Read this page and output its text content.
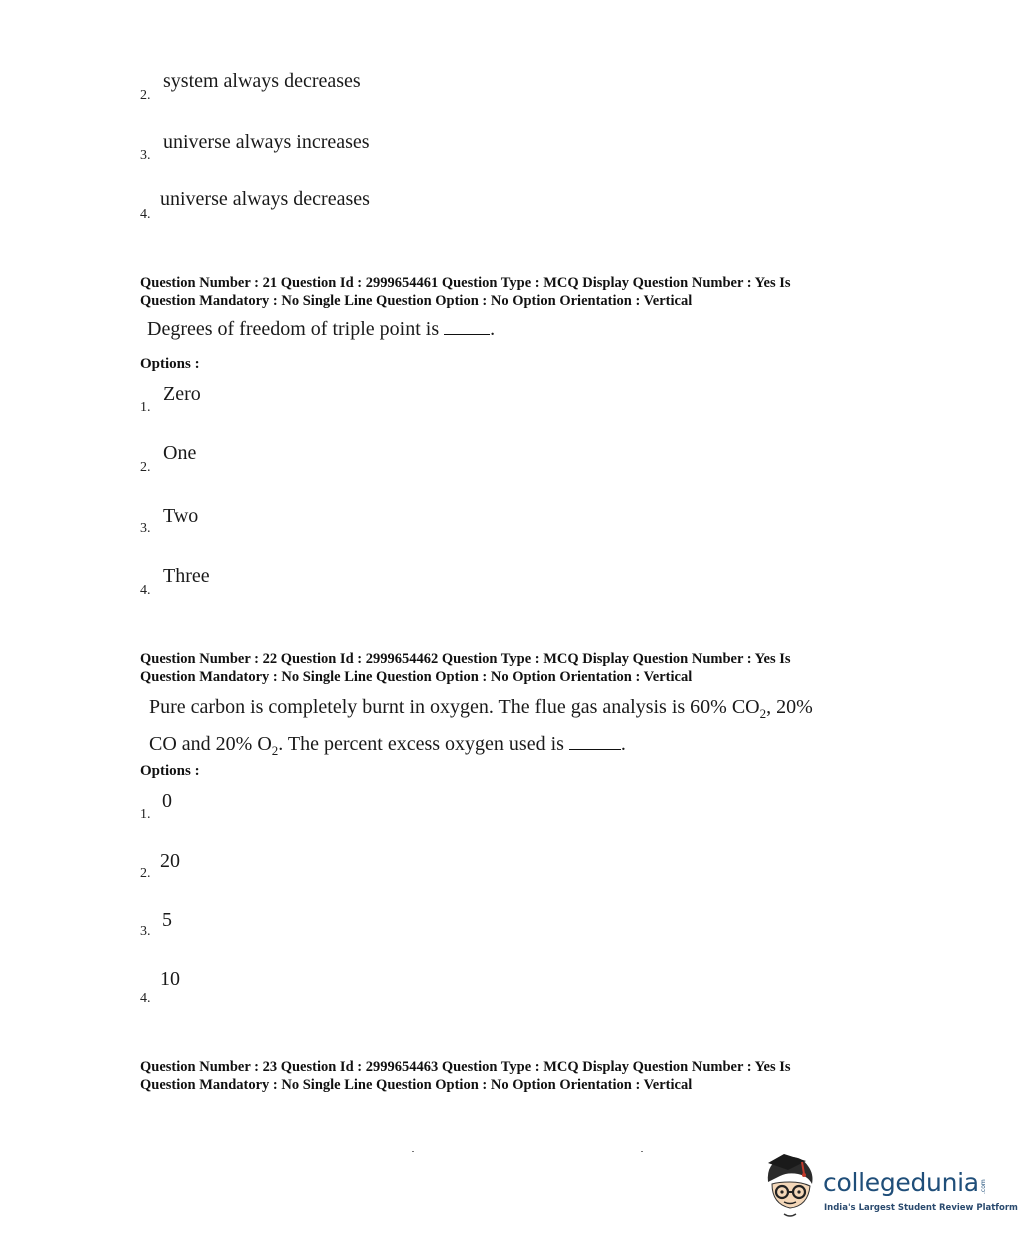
system always decreases
2.
universe always increases
3.
universe always decreases
4.
Question Number : 21 Question Id : 2999654461 Question Type : MCQ Display Question Number : Yes Is
Question Mandatory : No Single Line Question Option : No Option Orientation : Vertical
Degrees of freedom of triple point is	.
Options :
Zero
1.
One
2.
Two
3.
Three
4.
Question Number : 22 Question Id : 2999654462 Question Type : MCQ Display Question Number : Yes Is
Question Mandatory : No Single Line Question Option : No Option Orientation : Vertical
Pure carbon is completely burnt in oxygen. The flue gas analysis is 60% $CO_2$, 20%
CO and 20% $O_2$. The percent excess oxygen used is	.
Options :
0
1.
20
2.
5
3.
10
4.
Question Number : 23 Question Id : 2999654463 Question Type : MCQ Display Question Number : Yes Is
Question Mandatory : No Single Line Question Option : No Option Orientation : Vertical
collegedunia .com
India's Largest Student Review Platform
